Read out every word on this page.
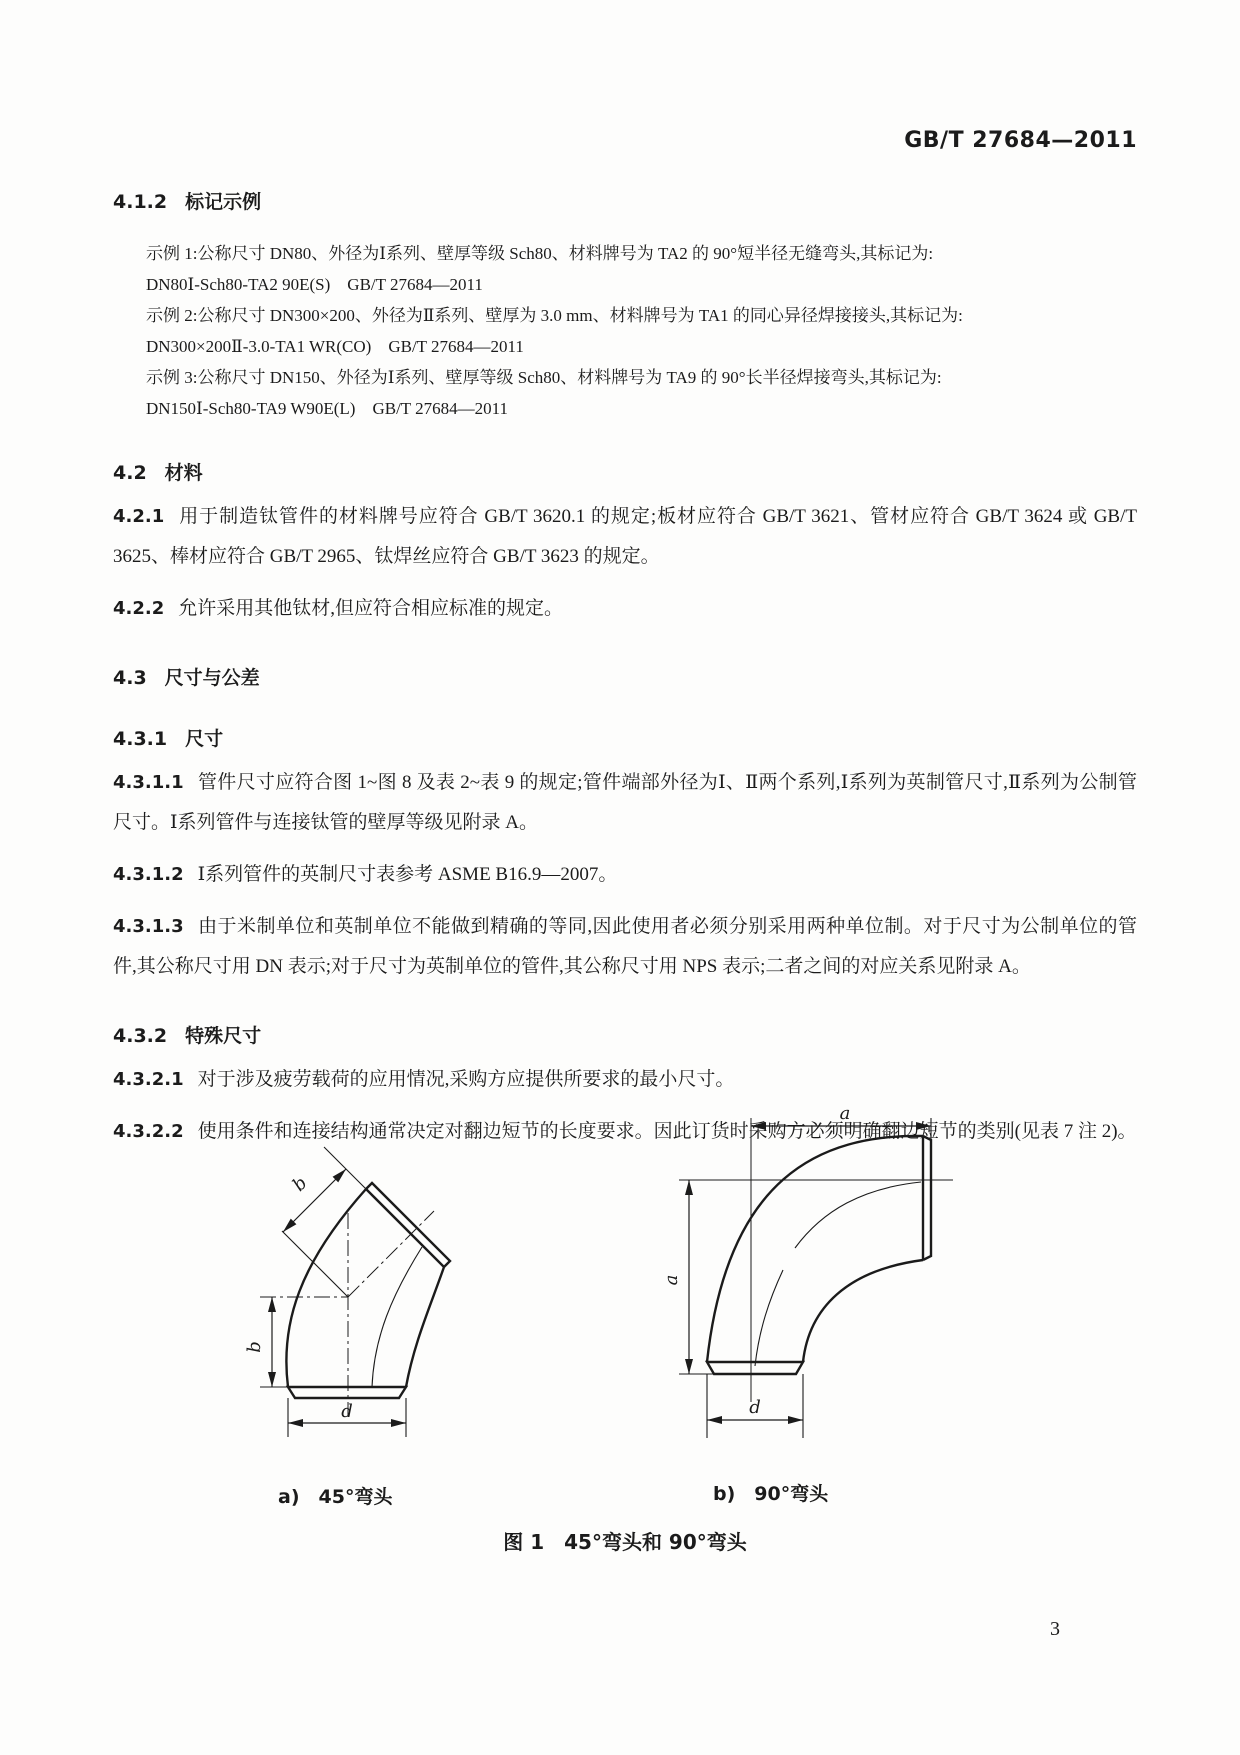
GB/T 27684—2011
4.1.2 标记示例
示例 1:公称尺寸 DN80、外径为Ⅰ系列、壁厚等级 Sch80、材料牌号为 TA2 的 90°短半径无缝弯头,其标记为:
DN80Ⅰ-Sch80-TA2 90E(S)　GB/T 27684—2011
示例 2:公称尺寸 DN300×200、外径为Ⅱ系列、壁厚为 3.0 mm、材料牌号为 TA1 的同心异径焊接接头,其标记为:
DN300×200Ⅱ-3.0-TA1 WR(CO)　GB/T 27684—2011
示例 3:公称尺寸 DN150、外径为Ⅰ系列、壁厚等级 Sch80、材料牌号为 TA9 的 90°长半径焊接弯头,其标记为:
DN150Ⅰ-Sch80-TA9 W90E(L)　GB/T 27684—2011
4.2 材料
4.2.1 用于制造钛管件的材料牌号应符合 GB/T 3620.1 的规定;板材应符合 GB/T 3621、管材应符合 GB/T 3624 或 GB/T 3625、棒材应符合 GB/T 2965、钛焊丝应符合 GB/T 3623 的规定。
4.2.2 允许采用其他钛材,但应符合相应标准的规定。
4.3 尺寸与公差
4.3.1 尺寸
4.3.1.1 管件尺寸应符合图 1~图 8 及表 2~表 9 的规定;管件端部外径为Ⅰ、Ⅱ两个系列,Ⅰ系列为英制管尺寸,Ⅱ系列为公制管尺寸。Ⅰ系列管件与连接钛管的壁厚等级见附录 A。
4.3.1.2 Ⅰ系列管件的英制尺寸表参考 ASME B16.9—2007。
4.3.1.3 由于米制单位和英制单位不能做到精确的等同,因此使用者必须分别采用两种单位制。对于尺寸为公制单位的管件,其公称尺寸用 DN 表示;对于尺寸为英制单位的管件,其公称尺寸用 NPS 表示;二者之间的对应关系见附录 A。
4.3.2 特殊尺寸
4.3.2.1 对于涉及疲劳载荷的应用情况,采购方应提供所要求的最小尺寸。
4.3.2.2 使用条件和连接结构通常决定对翻边短节的长度要求。因此订货时采购方必须明确翻边短节的类别(见表 7 注 2)。
b
b
d
a
a
d
a)　45°弯头	b)　90°弯头
图 1　45°弯头和 90°弯头
3
